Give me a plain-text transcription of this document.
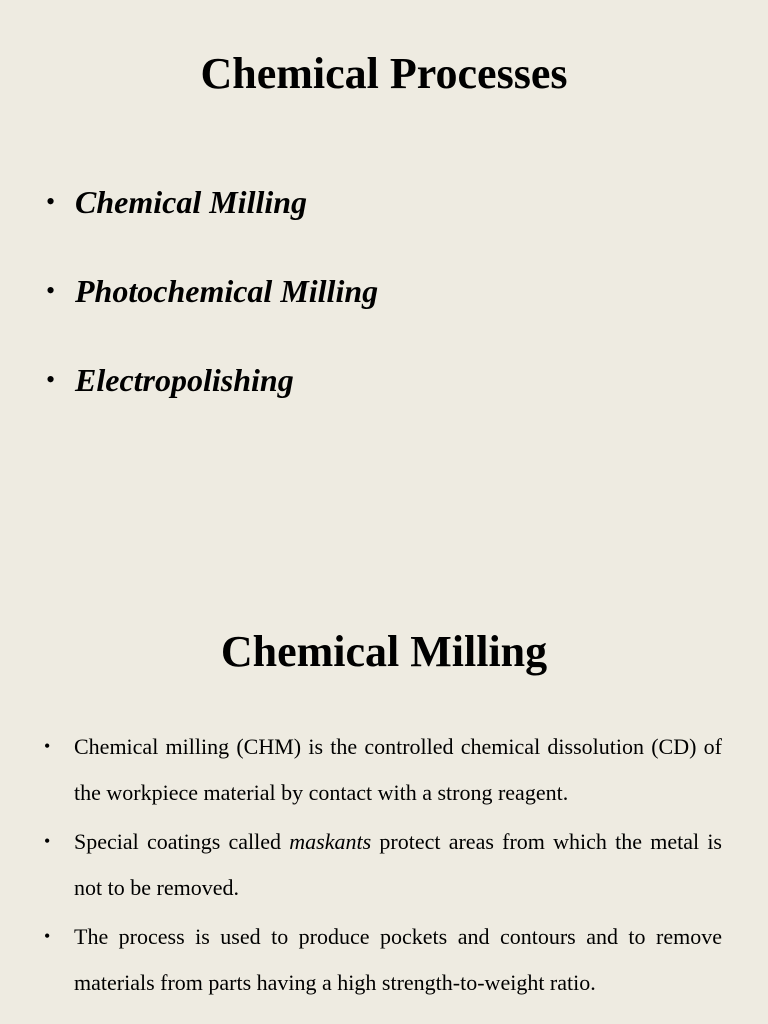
Chemical Processes
• Chemical Milling
• Photochemical Milling
• Electropolishing
Chemical Milling
• Chemical milling (CHM) is the controlled chemical dissolution (CD) of the workpiece material by contact with a strong reagent.
• Special coatings called maskants protect areas from which the metal is not to be removed.
• The process is used to produce pockets and contours and to remove materials from parts having a high strength-to-weight ratio.
